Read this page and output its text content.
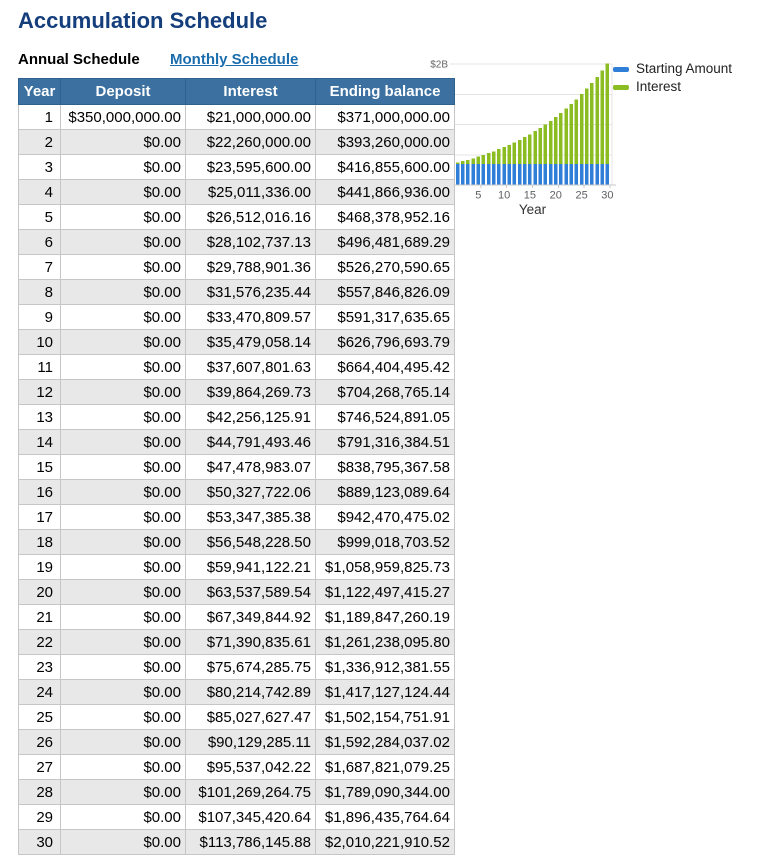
Accumulation Schedule
Annual Schedule Monthly Schedule
Year	Deposit	Interest	Ending balance
1	$350,000,000.00	$21,000,000.00	$371,000,000.00
2	$0.00	$22,260,000.00	$393,260,000.00
3	$0.00	$23,595,600.00	$416,855,600.00
4	$0.00	$25,011,336.00	$441,866,936.00
5	$0.00	$26,512,016.16	$468,378,952.16
6	$0.00	$28,102,737.13	$496,481,689.29
7	$0.00	$29,788,901.36	$526,270,590.65
8	$0.00	$31,576,235.44	$557,846,826.09
9	$0.00	$33,470,809.57	$591,317,635.65
10	$0.00	$35,479,058.14	$626,796,693.79
11	$0.00	$37,607,801.63	$664,404,495.42
12	$0.00	$39,864,269.73	$704,268,765.14
13	$0.00	$42,256,125.91	$746,524,891.05
14	$0.00	$44,791,493.46	$791,316,384.51
15	$0.00	$47,478,983.07	$838,795,367.58
16	$0.00	$50,327,722.06	$889,123,089.64
17	$0.00	$53,347,385.38	$942,470,475.02
18	$0.00	$56,548,228.50	$999,018,703.52
19	$0.00	$59,941,122.21	$1,058,959,825.73
20	$0.00	$63,537,589.54	$1,122,497,415.27
21	$0.00	$67,349,844.92	$1,189,847,260.19
22	$0.00	$71,390,835.61	$1,261,238,095.80
23	$0.00	$75,674,285.75	$1,336,912,381.55
24	$0.00	$80,214,742.89	$1,417,127,124.44
25	$0.00	$85,027,627.47	$1,502,154,751.91
26	$0.00	$90,129,285.11	$1,592,284,037.02
27	$0.00	$95,537,042.22	$1,687,821,079.25
28	$0.00	$101,269,264.75	$1,789,090,344.00
29	$0.00	$107,345,420.64	$1,896,435,764.64
30	$0.00	$113,786,145.88	$2,010,221,910.52
$2B
5 10 15 20 25 30
Year
Starting Amount
Interest
